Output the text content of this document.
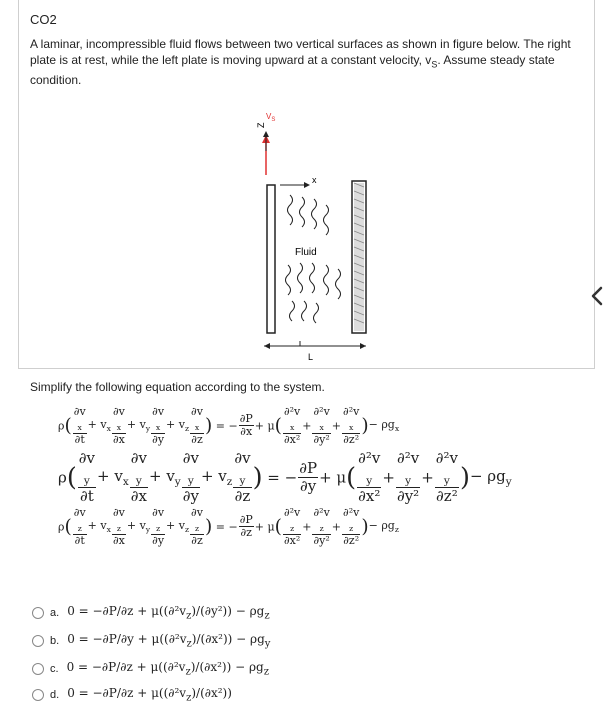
CO2
A laminar, incompressible fluid flows between two vertical surfaces as shown in figure below. The right plate is at rest, while the left plate is moving upward at a constant velocity, $v_S$. Assume steady state condition.
$V_S$
Z
x
Fluid
L
Simplify the following equation according to the system.
ρ( ∂v
$_x$
$\partial t + v_x$ ∂v
$_x$
$\partial x + v_y$ ∂v
$_x$
$\partial y + v_z$ ∂v
$_x$
∂z ) = − $\frac{\partial P}{\partial x} + \mu$( ∂²v
$_x$
∂x² + ∂²v
$_x$
∂y² + ∂²v
$_x$
∂z² )− $\rho g_x$
ρ( ∂v
$_y$
$\partial t + v_x$ ∂v
$_y$
$\partial x + v_y$ ∂v
$_y$
$\partial y + v_z$ ∂v
$_y$
∂z ) = − $\frac{\partial P}{\partial y} + \mu$( ∂²v
$_y$
∂x² + ∂²v
$_y$
∂y² + ∂²v
$_y$
∂z² )− $\rho g_y$
ρ( ∂v
$_z$
$\partial t + v_x$ ∂v
$_z$
$\partial x + v_y$ ∂v
$_z$
$\partial y + v_z$ ∂v
$_z$
∂z ) = − $\frac{\partial P}{\partial z} + \mu$( ∂²v
$_z$
∂x² + ∂²v
$_z$
∂y² + ∂²v
$_z$
∂z² )− $\rho g_z$
a. $0 = -\partial P/\partial z + \mu((\partial^2v_z)/(\partial y^2)) - \rho g_z$
b. $0 = -\partial P/\partial y + \mu((\partial^2v_z)/(\partial x^2)) - \rho g_y$
c. $0 = -\partial P/\partial z + \mu((\partial^2v_z)/(\partial x^2)) - \rho g_z$
d. $0 = -\partial P/\partial z + \mu((\partial^2v_z)/(\partial x^2))$
